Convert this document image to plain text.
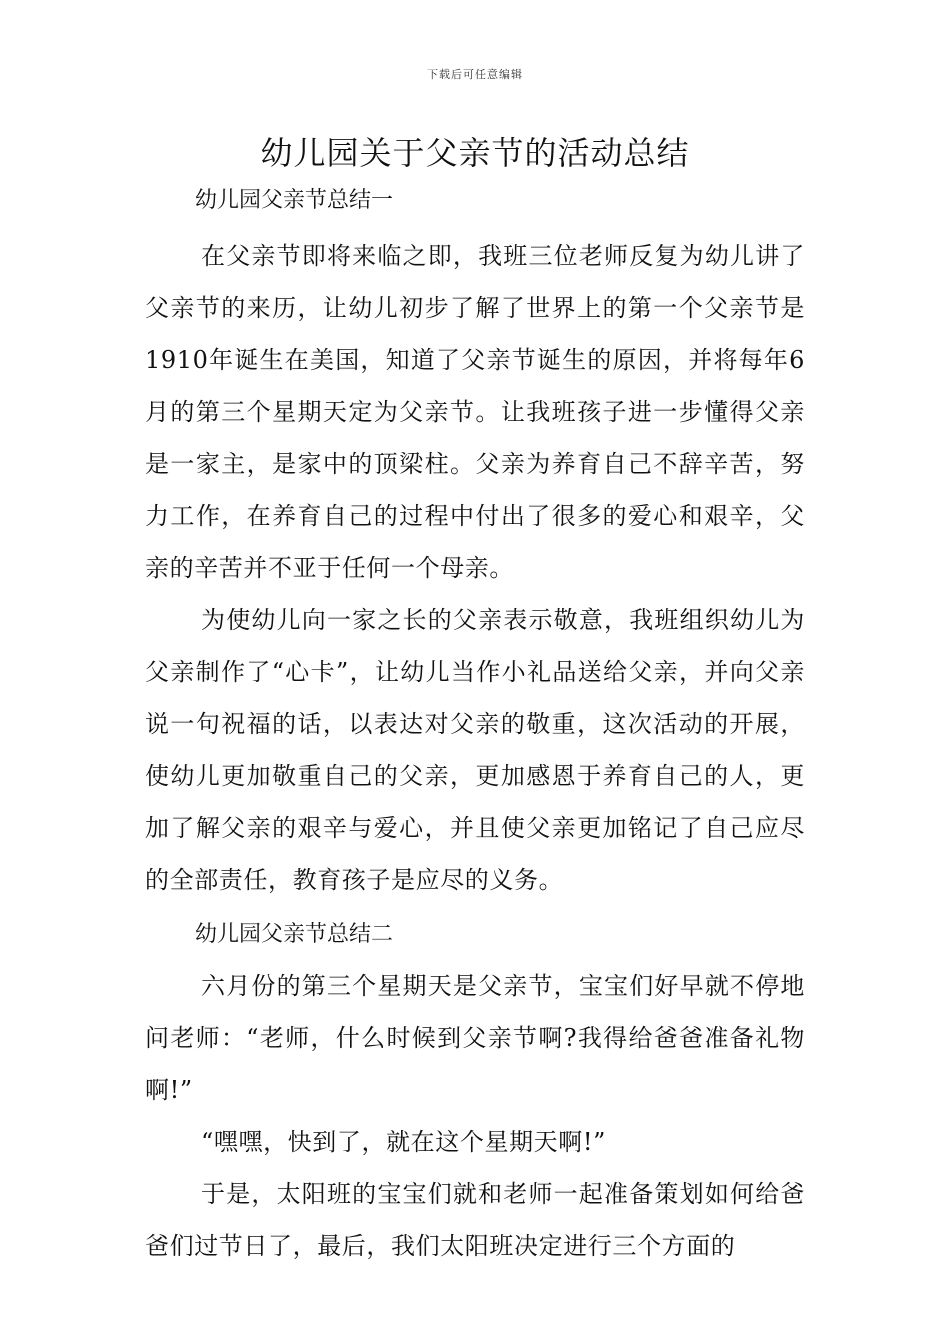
下载后可任意编辑
幼儿园关于父亲节的活动总结

幼儿园父亲节总结一

在父亲节即将来临之即，我班三位老师反复为幼儿讲了父亲节的来历，让幼儿初步了解了世界上的第一个父亲节是1910年诞生在美国，知道了父亲节诞生的原因，并将每年6月的第三个星期天定为父亲节。让我班孩子进一步懂得父亲是一家主，是家中的顶梁柱。父亲为养育自己不辞辛苦，努力工作，在养育自己的过程中付出了很多的爱心和艰辛，父亲的辛苦并不亚于任何一个母亲。

为使幼儿向一家之长的父亲表示敬意，我班组织幼儿为父亲制作了“心卡”，让幼儿当作小礼品送给父亲，并向父亲说一句祝福的话，以表达对父亲的敬重，这次活动的开展，使幼儿更加敬重自己的父亲，更加感恩于养育自己的人，更加了解父亲的艰辛与爱心，并且使父亲更加铭记了自己应尽的全部责任，教育孩子是应尽的义务。

幼儿园父亲节总结二

六月份的第三个星期天是父亲节，宝宝们好早就不停地问老师：“老师，什么时候到父亲节啊?我得给爸爸准备礼物啊!”

“嘿嘿，快到了，就在这个星期天啊!”

于是，太阳班的宝宝们就和老师一起准备策划如何给爸爸们过节日了，最后，我们太阳班决定进行三个方面的
